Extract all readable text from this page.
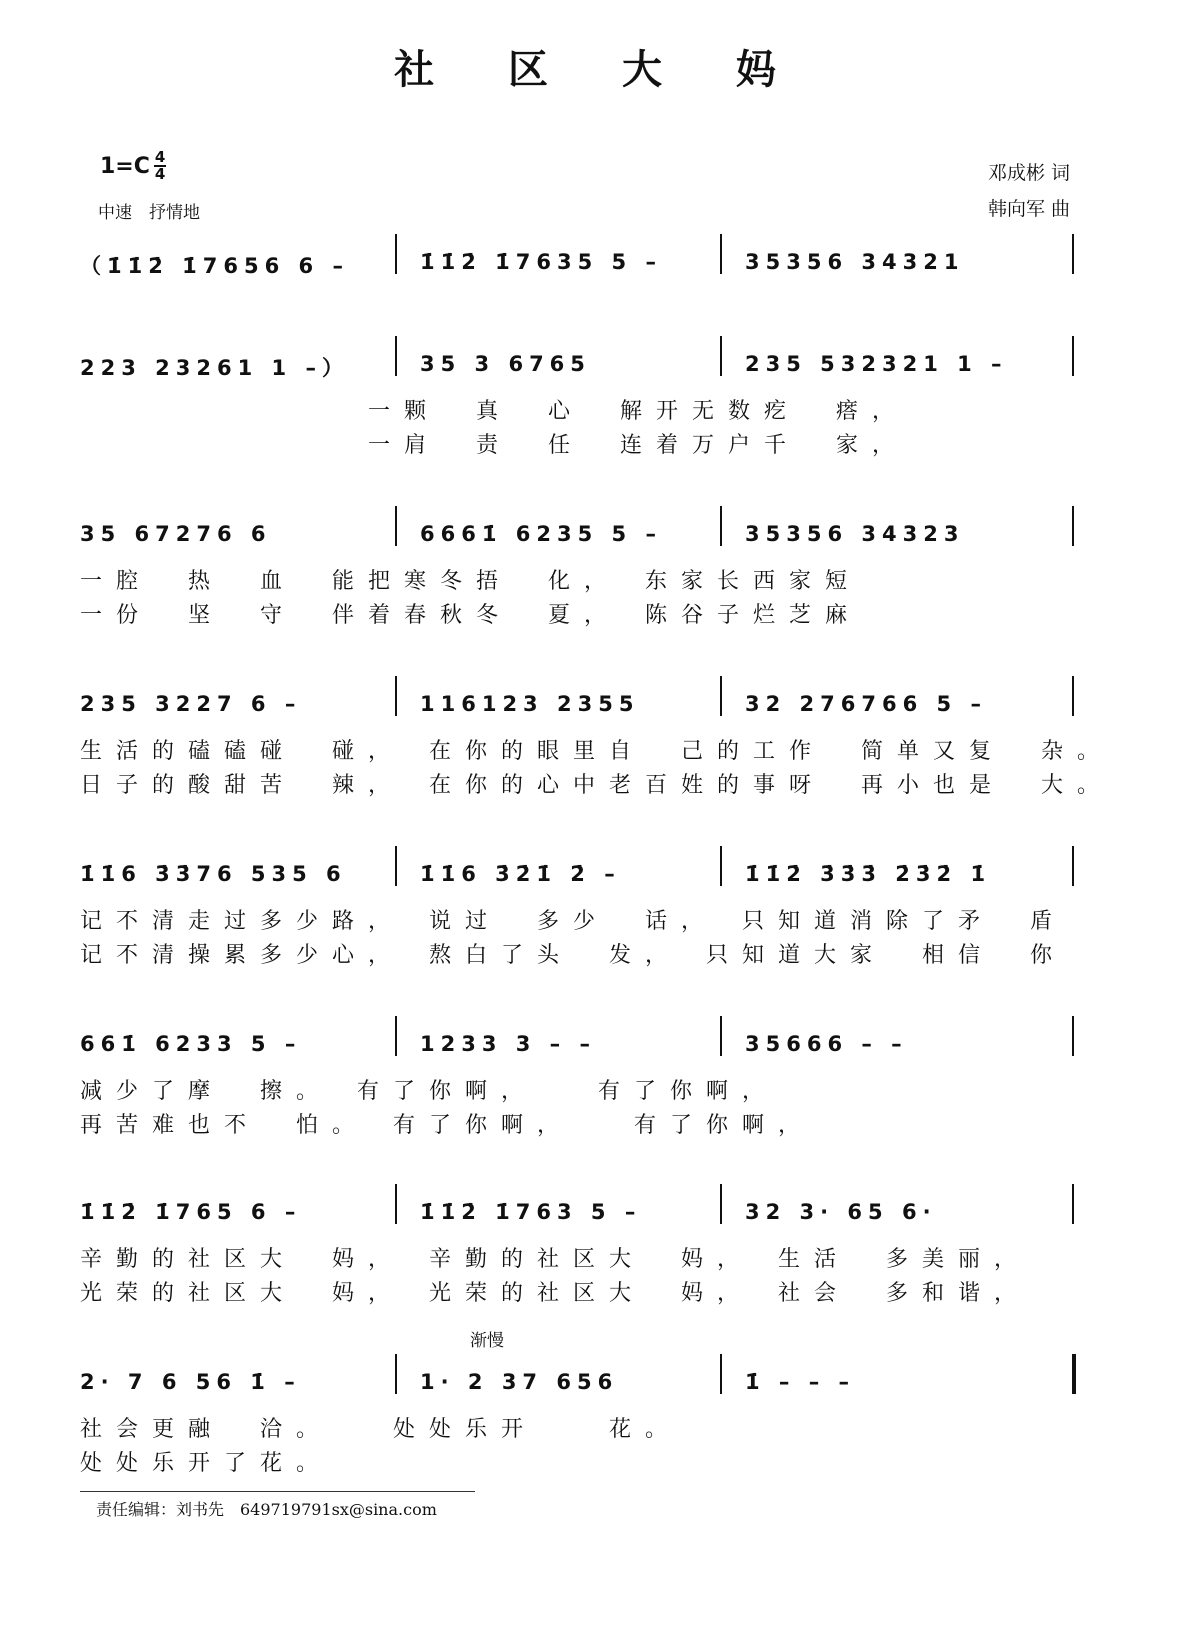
社 区 大 妈
$1=C \frac{4}{4}$
中速　抒情地
邓成彬 词
韩向军 曲
（1̇1̇2̇ 1̇7656 6 –	1̇1̇2̇ 1̇7635 5 –	35356 34321
223 23261 1 –）	35 3 6765	235 532321 1 –
　　　　　　　　一颗　真　心　解开无数疙　瘩，
　　　　　　　　一肩　责　任　连着万户千　家，
35 67276 6	6661̇ 6235 5 –	35356 34323
一腔　热　血　能把寒冬捂　化，　东家长西家短
一份　坚　守　伴着春秋冬　夏，　陈谷子烂芝麻
235 3227 6 –	116123 2355	32 276766 5 –
生活的磕磕碰　碰，　在你的眼里自　己的工作　简单又复　杂。
日子的酸甜苦　辣，　在你的心中老百姓的事呀　再小也是　大。
1̇1̇6 3̇3̇76 535 6	1̇1̇6 3̇2̇1̇ 2̇ –	1̇1̇2̇ 3̇3̇3̇ 2̇3̇2̇ 1̇
记不清走过多少路，　说过　多少　话，　只知道消除了矛　盾
记不清操累多少心，　熬白了头　发，　只知道大家　相信　你
661̇ 6233 5 –	1233 3 – –	35666 – –
减少了摩　擦。　有了你啊，　　有了你啊，
再苦难也不　怕。　有了你啊，　　有了你啊，
1̇1̇2̇ 1̇765 6 –	1̇1̇2̇ 1̇763 5 –	32 3· 65 6·
辛勤的社区大　妈，　辛勤的社区大　妈，　生活　多美丽，
光荣的社区大　妈，　光荣的社区大　妈，　社会　多和谐，
2· 7 6 56 1̇ –	1· 2 37 656	1̇ – – –
社会更融　洽。　　处处乐开　　花。
处处乐开了花。
渐慢
责任编辑：刘书先　649719791sx@sina.com
